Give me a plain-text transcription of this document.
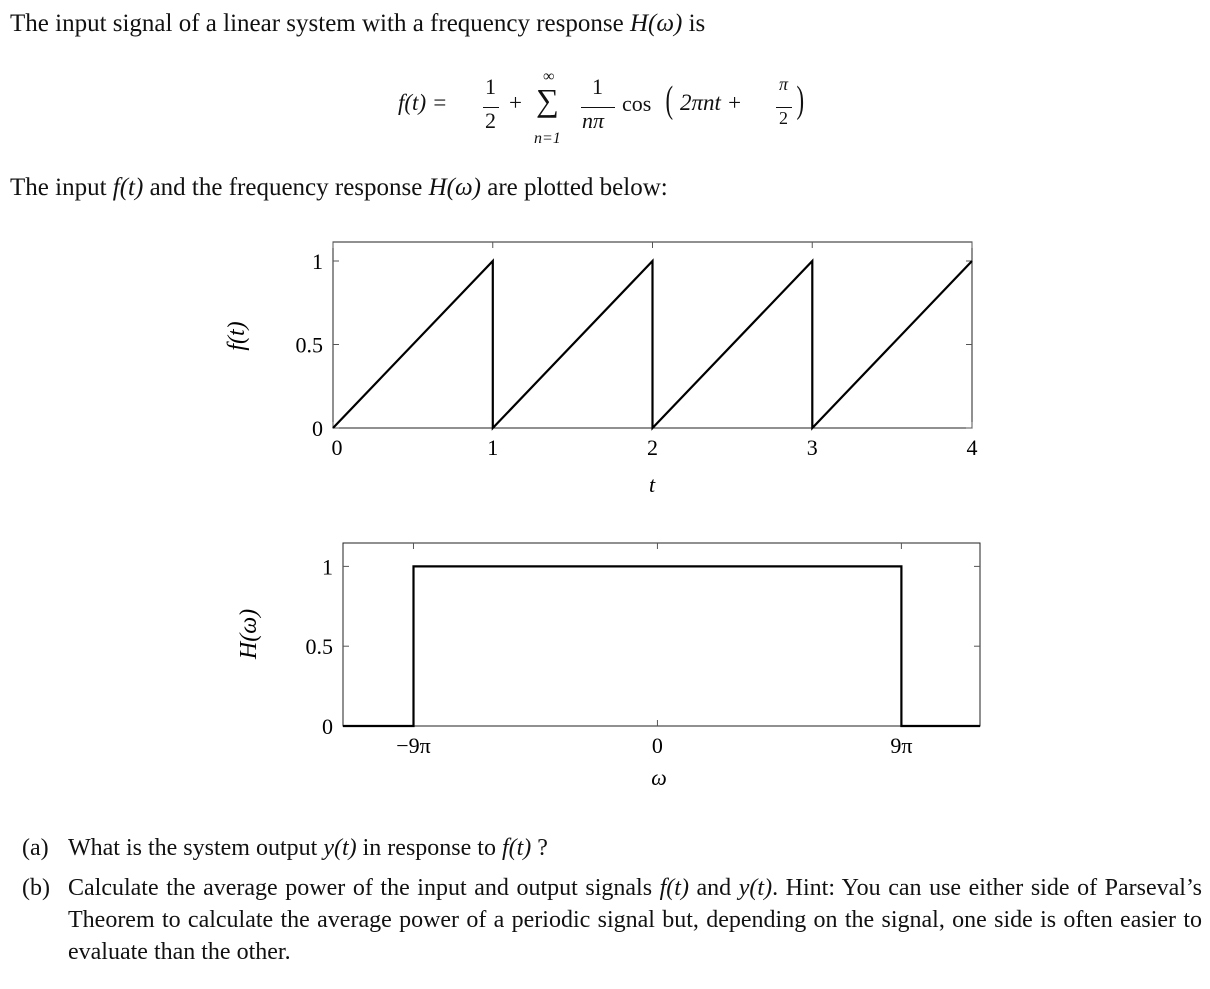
The input signal of a linear system with a frequency response H(ω) is
f(t) =
1
2
+
∞
∑
n=1
1
nπ
cos ( 2πnt +
π
2 )
The input f(t) and the frequency response H(ω) are plotted below:
0	1	2	3	4
0
0.5
1
t
f(t)
−9π	0	9π
0
0.5
1
ω
H(ω)
(a) What is the system output y(t) in response to f(t) ?
(b) Calculate the average power of the input and output signals f(t) and y(t). Hint: You can use either side of Parseval’s Theorem to calculate the average power of a periodic signal but, depending on the signal, one side is often easier to evaluate than the other.
